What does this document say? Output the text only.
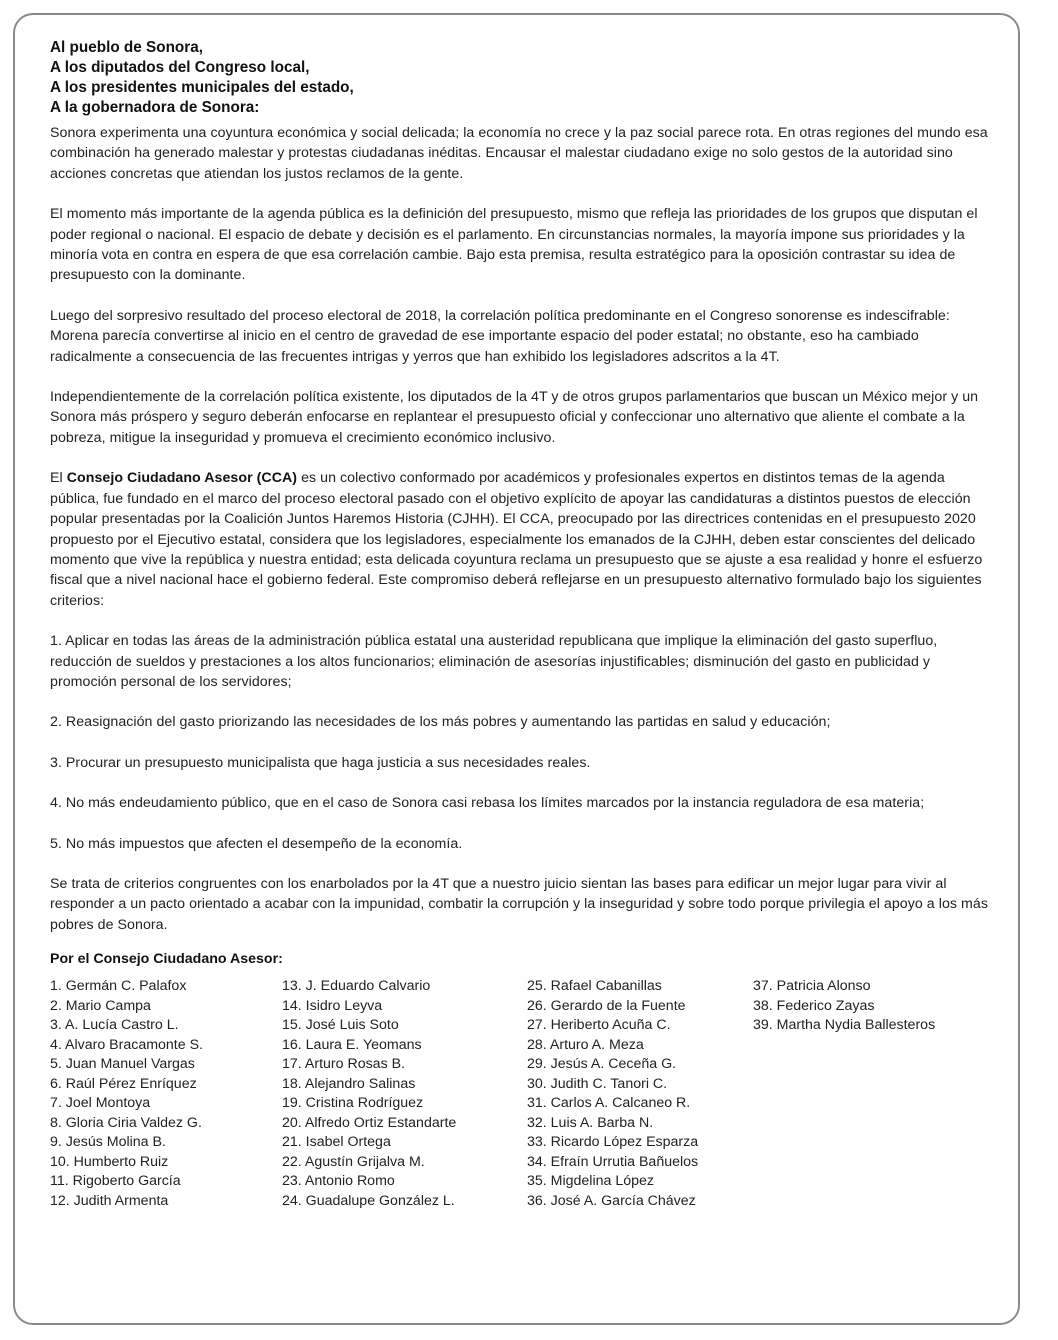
Al pueblo de Sonora,
A los diputados del Congreso local,
A los presidentes municipales del estado,
A la gobernadora de Sonora:

Sonora experimenta una coyuntura económica y social delicada; la economía no crece y la paz social parece rota. En otras regiones del mundo esa combinación ha generado malestar y protestas ciudadanas inéditas. Encausar el malestar ciudadano exige no solo gestos de la autoridad sino acciones concretas que atiendan los justos reclamos de la gente.

El momento más importante de la agenda pública es la definición del presupuesto, mismo que refleja las prioridades de los grupos que disputan el poder regional o nacional. El espacio de debate y decisión es el parlamento. En circunstancias normales, la mayoría impone sus prioridades y la minoría vota en contra en espera de que esa correlación cambie. Bajo esta premisa, resulta estratégico para la oposición contrastar su idea de presupuesto con la dominante.

Luego del sorpresivo resultado del proceso electoral de 2018, la correlación política predominante en el Congreso sonorense es indescifrable: Morena parecía convertirse al inicio en el centro de gravedad de ese importante espacio del poder estatal; no obstante, eso ha cambiado radicalmente a consecuencia de las frecuentes intrigas y yerros que han exhibido los legisladores adscritos a la 4T.

Independientemente de la correlación política existente, los diputados de la 4T y de otros grupos parlamentarios que buscan un México mejor y un Sonora más próspero y seguro deberán enfocarse en replantear el presupuesto oficial y confeccionar uno alternativo que aliente el combate a la pobreza, mitigue la inseguridad y promueva el crecimiento económico inclusivo.

El Consejo Ciudadano Asesor (CCA) es un colectivo conformado por académicos y profesionales expertos en distintos temas de la agenda pública, fue fundado en el marco del proceso electoral pasado con el objetivo explícito de apoyar las candidaturas a distintos puestos de elección popular presentadas por la Coalición Juntos Haremos Historia (CJHH). El CCA, preocupado por las directrices contenidas en el presupuesto 2020 propuesto por el Ejecutivo estatal, considera que los legisladores, especialmente los emanados de la CJHH, deben estar conscientes del delicado momento que vive la república y nuestra entidad; esta delicada coyuntura reclama un presupuesto que se ajuste a esa realidad y honre el esfuerzo fiscal que a nivel nacional hace el gobierno federal. Este compromiso deberá reflejarse en un presupuesto alternativo formulado bajo los siguientes criterios:

1. Aplicar en todas las áreas de la administración pública estatal una austeridad republicana que implique la eliminación del gasto superfluo, reducción de sueldos y prestaciones a los altos funcionarios; eliminación de asesorías injustificables; disminución del gasto en publicidad y promoción personal de los servidores;

2. Reasignación del gasto priorizando las necesidades de los más pobres y aumentando las partidas en salud y educación;

3. Procurar un presupuesto municipalista que haga justicia a sus necesidades reales.

4. No más endeudamiento público, que en el caso de Sonora casi rebasa los límites marcados por la instancia reguladora de esa materia;

5. No más impuestos que afecten el desempeño de la economía.

Se trata de criterios congruentes con los enarbolados por la 4T que a nuestro juicio sientan las bases para edificar un mejor lugar para vivir al responder a un pacto orientado a acabar con la impunidad, combatir la corrupción y la inseguridad y sobre todo porque privilegia el apoyo a los más pobres de Sonora.

Por el Consejo Ciudadano Asesor:
1. Germán C. Palafox
2. Mario Campa
3. A. Lucía Castro L.
4. Alvaro Bracamonte S.
5. Juan Manuel Vargas
6. Raúl Pérez Enríquez
7. Joel Montoya
8. Gloria Ciria Valdez G.
9. Jesús Molina B.
10. Humberto Ruiz
11. Rigoberto García
12. Judith Armenta
13. J. Eduardo Calvario
14. Isidro Leyva
15. José Luis Soto
16. Laura E. Yeomans
17. Arturo Rosas B.
18. Alejandro Salinas
19. Cristina Rodríguez
20. Alfredo Ortiz Estandarte
21. Isabel Ortega
22. Agustín Grijalva M.
23. Antonio Romo
24. Guadalupe González L.
25. Rafael Cabanillas
26. Gerardo de la Fuente
27. Heriberto Acuña C.
28. Arturo A. Meza
29. Jesús A. Ceceña G.
30. Judith C. Tanori C.
31. Carlos A. Calcaneo R.
32. Luis A. Barba N.
33. Ricardo López Esparza
34. Efraín Urrutia Bañuelos
35. Migdelina López
36. José A. García Chávez
37. Patricia Alonso
38. Federico Zayas
39. Martha Nydia Ballesteros
